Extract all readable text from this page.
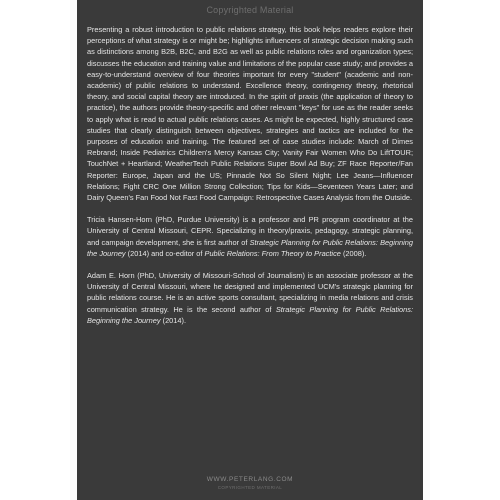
Copyrighted Material

Presenting a robust introduction to public relations strategy, this book helps readers explore their perceptions of what strategy is or might be; highlights influencers of strategic decision making such as distinctions among B2B, B2C, and B2G as well as public relations roles and organization types; discusses the education and training value and limitations of the popular case study; and provides a easy-to-understand overview of four theories important for every "student" (academic and non-academic) of public relations to understand. Excellence theory, contingency theory, rhetorical theory, and social capital theory are introduced. In the spirit of praxis (the application of theory to practice), the authors provide theory-specific and other relevant "keys" for use as the reader seeks to apply what is read to actual public relations cases. As might be expected, highly structured case studies that clearly distinguish between objectives, strategies and tactics are included for the purposes of education and training. The featured set of case studies include: March of Dimes Rebrand; Inside Pediatrics Children's Mercy Kansas City; Vanity Fair Women Who Do LiftTOUR; TouchNet + Heartland; WeatherTech Public Relations Super Bowl Ad Buy; ZF Race Reporter/Fan Reporter: Europe, Japan and the US; Pinnacle Not So Silent Night; Lee Jeans—Influencer Relations; Fight CRC One Million Strong Collection; Tips for Kids—Seventeen Years Later; and Dairy Queen's Fan Food Not Fast Food Campaign: Retrospective Cases Analysis from the Outside.

Tricia Hansen-Horn (PhD, Purdue University) is a professor and PR program coordinator at the University of Central Missouri, CEPR. Specializing in theory/praxis, pedagogy, strategic planning, and campaign development, she is first author of Strategic Planning for Public Relations: Beginning the Journey (2014) and co-editor of Public Relations: From Theory to Practice (2008).

Adam E. Horn (PhD, University of Missouri-School of Journalism) is an associate professor at the University of Central Missouri, where he designed and implemented UCM's strategic planning for public relations course. He is an active sports consultant, specializing in media relations and crisis communication strategy. He is the second author of Strategic Planning for Public Relations: Beginning the Journey (2014).

WWW.PETERLANG.COM
COPYRIGHTED MATERIAL
